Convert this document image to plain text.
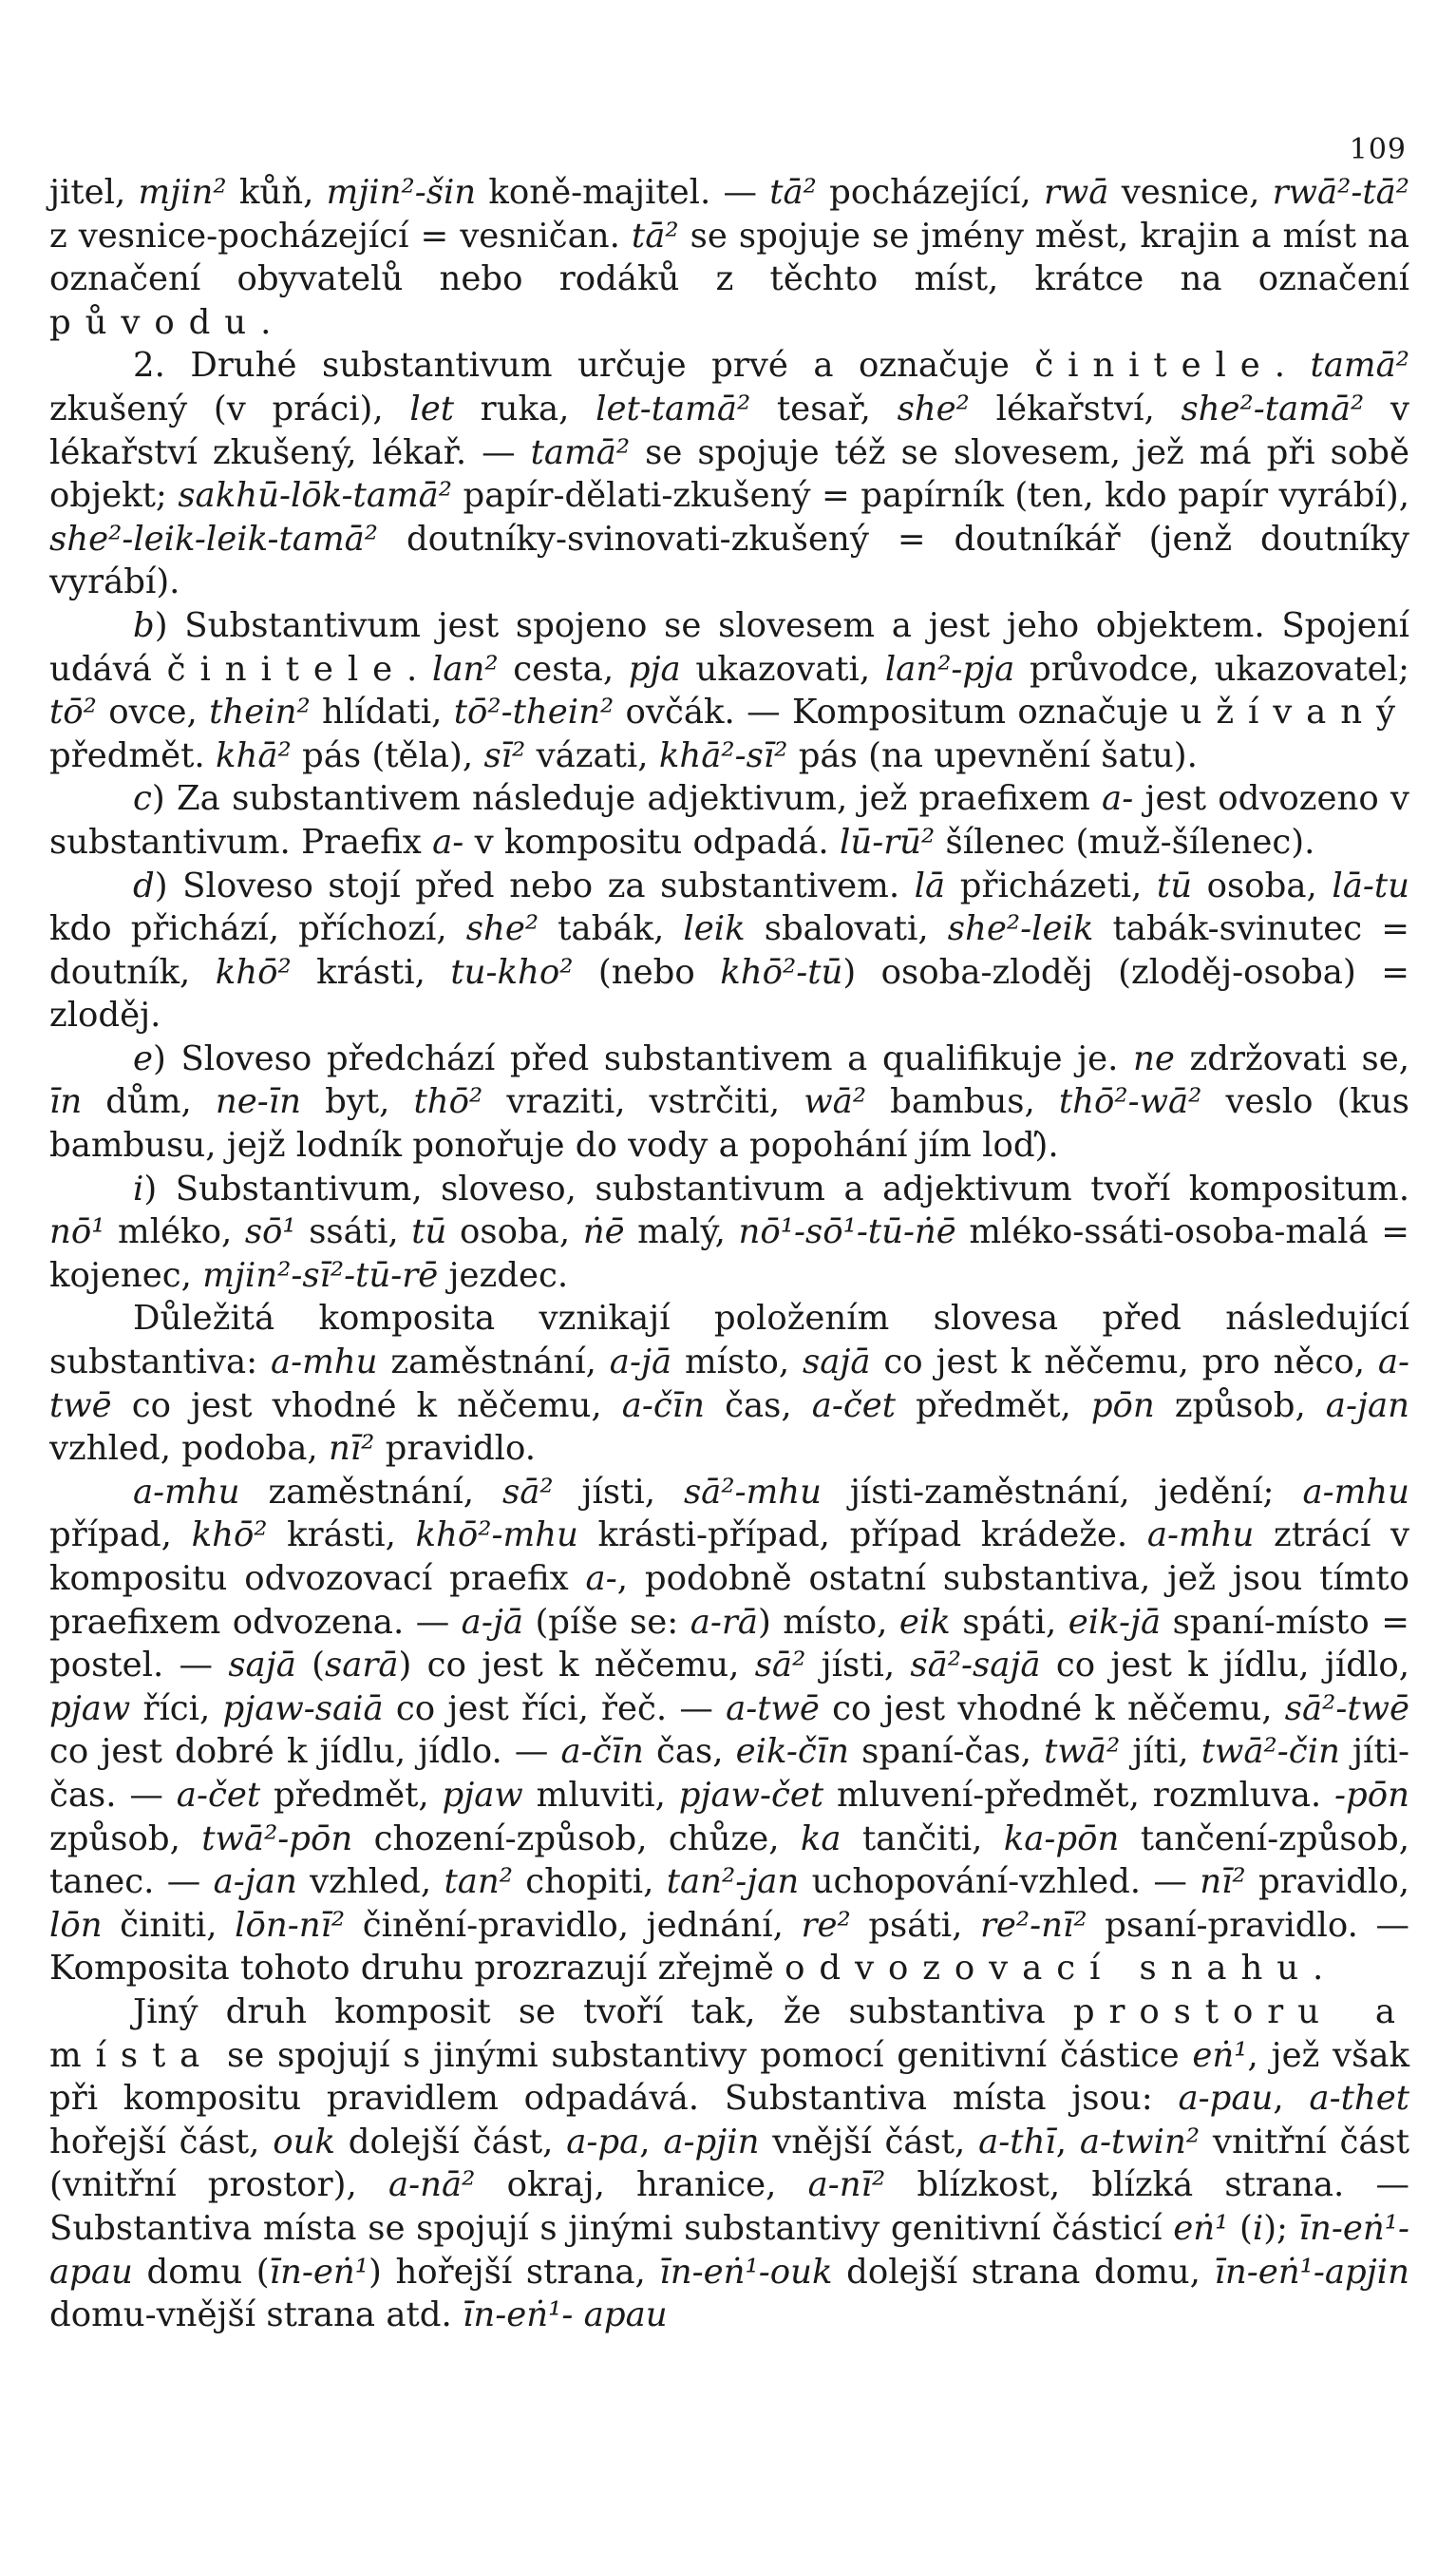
109

jitel, mjin² kůň, mjin²-šin koně-majitel. — tā² pocházející, rwā vesnice, rwā²-tā² z vesnice-pocházející = vesničan. tā² se spojuje se jmény měst, krajin a míst na označení obyvatelů nebo rodáků z těchto míst, krátce na označení původu.

2. Druhé substantivum určuje prvé a označuje činitele. tamā² zkušený (v práci), let ruka, let-tamā² tesař, she² lékařství, she²-tamā² v lékařství zkušený, lékař. — tamā² se spojuje též se slovesem, jež má při sobě objekt; sakhū-lōk-tamā² papír-dělati-zkušený = papírník (ten, kdo papír vyrábí), she²-leik-leik-tamā² doutníky-svinovati-zkušený = doutníkář (jenž doutníky vyrábí).

b) Substantivum jest spojeno se slovesem a jest jeho objektem. Spojení udává činitele. lan² cesta, pja ukazovati, lan²-pja průvodce, ukazovatel; tō² ovce, thein² hlídati, tō²-thein² ovčák. — Kompositum označuje užívaný předmět. khā² pás (těla), sī² vázati, khā²-sī² pás (na upevnění šatu).

c) Za substantivem následuje adjektivum, jež praefixem a- jest odvozeno v substantivum. Praefix a- v kompositu odpadá. lū-rū² šílenec (muž-šílenec).

d) Sloveso stojí před nebo za substantivem. lā přicházeti, tū osoba, lā-tu kdo přichází, příchozí, she² tabák, leik sbalovati, she²-leik tabák-svinutec = doutník, khō² krásti, tu-kho² (nebo khō²-tū) osoba-zloděj (zloděj-osoba) = zloděj.

e) Sloveso předchází před substantivem a qualifikuje je. ne zdržovati se, īn dům, ne-īn byt, thō² vraziti, vstrčiti, wā² bambus, thō²-wā² veslo (kus bambusu, jejž lodník ponořuje do vody a popohání jím loď).

i) Substantivum, sloveso, substantivum a adjektivum tvoří kompositum. nō¹ mléko, sō¹ ssáti, tū osoba, ṅē malý, nō¹-sō¹-tū-ṅē mléko-ssáti-osoba-malá = kojenec, mjin²-sī²-tū-rē jezdec.

Důležitá komposita vznikají položením slovesa před následující substantiva: a-mhu zaměstnání, a-jā místo, sajā co jest k něčemu, pro něco, a-twē co jest vhodné k něčemu, a-čīn čas, a-čet předmět, pōn způsob, a-jan vzhled, podoba, nī² pravidlo.

a-mhu zaměstnání, sā² jísti, sā²-mhu jísti-zaměstnání, jedění; a-mhu případ, khō² krásti, khō²-mhu krásti-případ, případ krádeže. a-mhu ztrácí v kompositu odvozovací praefix a-, podobně ostatní substantiva, jež jsou tímto praefixem odvozena. — a-jā (píše se: a-rā) místo, eik spáti, eik-jā spaní-místo = postel. — sajā (sarā) co jest k něčemu, sā² jísti, sā²-sajā co jest k jídlu, jídlo, pjaw říci, pjaw-saiā co jest říci, řeč. — a-twē co jest vhodné k něčemu, sā²-twē co jest dobré k jídlu, jídlo. — a-čīn čas, eik-čīn spaní-čas, twā² jíti, twā²-čin jíti-čas. — a-čet předmět, pjaw mluviti, pjaw-čet mluvení-předmět, rozmluva. -pōn způsob, twā²-pōn chození-způsob, chůze, ka tančiti, ka-pōn tančení-způsob, tanec. — a-jan vzhled, tan² chopiti, tan²-jan uchopování-vzhled. — nī² pravidlo, lōn činiti, lōn-nī² činění-pravidlo, jednání, re² psáti, re²-nī² psaní-pravidlo. — Komposita tohoto druhu prozrazují zřejmě odvozovací snahu.

Jiný druh komposit se tvoří tak, že substantiva prostoru a místa se spojují s jinými substantivy pomocí genitivní částice eṅ¹, jež však při kompositu pravidlem odpadává. Substantiva místa jsou: a-pau, a-thet hořejší část, ouk dolejší část, a-pa, a-pjin vnější část, a-thī, a-twin² vnitřní část (vnitřní prostor), a-nā² okraj, hranice, a-nī² blízkost, blízká strana. — Substantiva místa se spojují s jinými substantivy genitivní částicí eṅ¹ (i); īn-eṅ¹-apau domu (īn-eṅ¹) hořejší strana, īn-eṅ¹-ouk dolejší strana domu, īn-eṅ¹-apjin domu-vnější strana atd. īn-eṅ¹- apau
